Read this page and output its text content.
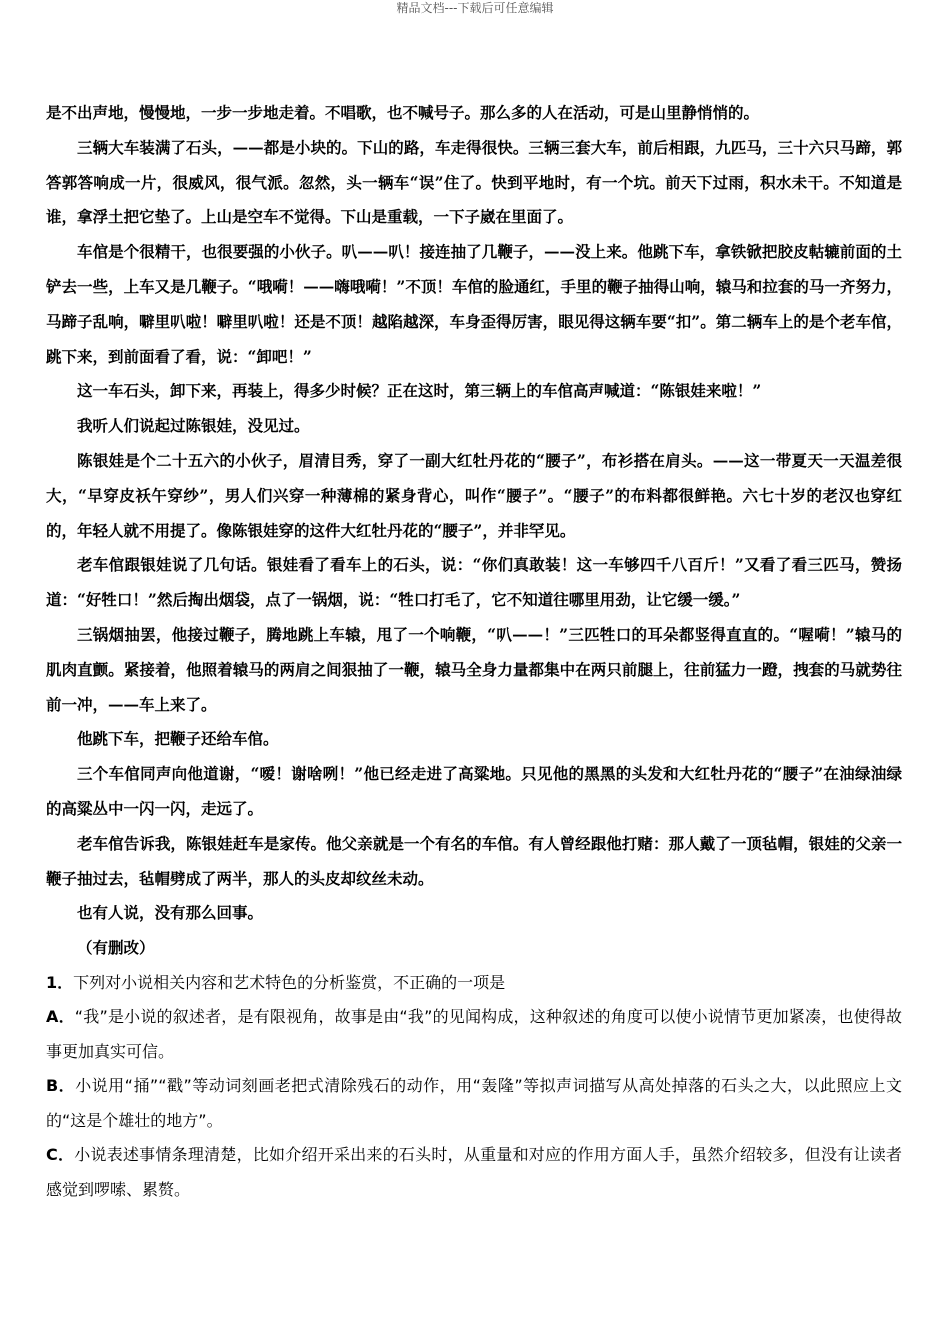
精品文档---下载后可任意编辑

是不出声地，慢慢地，一步一步地走着。不唱歌，也不喊号子。那么多的人在活动，可是山里静悄悄的。

三辆大车装满了石头，——都是小块的。下山的路，车走得很快。三辆三套大车，前后相跟，九匹马，三十六只马蹄，郭答郭答响成一片，很威风，很气派。忽然，头一辆车“误”住了。快到平地时，有一个坑。前天下过雨，积水未干。不知道是谁，拿浮土把它垫了。上山是空车不觉得。下山是重载，一下子崴在里面了。

车倌是个很精干，也很要强的小伙子。叭——叭！接连抽了几鞭子，——没上来。他跳下车，拿铁锨把胶皮軲辘前面的土铲去一些，上车又是几鞭子。“哦嗬！——嗨哦嗬！”不顶！车倌的脸通红，手里的鞭子抽得山响，辕马和拉套的马一齐努力，马蹄子乱响，噼里叭啦！噼里叭啦！还是不顶！越陷越深，车身歪得厉害，眼见得这辆车要“扣”。第二辆车上的是个老车倌，跳下来，到前面看了看，说：“卸吧！”

这一车石头，卸下来，再装上，得多少时候？正在这时，第三辆上的车倌高声喊道：“陈银娃来啦！”

我听人们说起过陈银娃，没见过。

陈银娃是个二十五六的小伙子，眉清目秀，穿了一副大红牡丹花的“腰子”，布衫搭在肩头。——这一带夏天一天温差很大，“早穿皮袄午穿纱”，男人们兴穿一种薄棉的紧身背心，叫作“腰子”。“腰子”的布料都很鲜艳。六七十岁的老汉也穿红的，年轻人就不用提了。像陈银娃穿的这件大红牡丹花的“腰子”，并非罕见。

老车倌跟银娃说了几句话。银娃看了看车上的石头，说：“你们真敢装！这一车够四千八百斤！”又看了看三匹马，赞扬道：“好牲口！”然后掏出烟袋，点了一锅烟，说：“牲口打毛了，它不知道往哪里用劲，让它缓一缓。”

三锅烟抽罢，他接过鞭子，腾地跳上车辕，甩了一个响鞭，“叭——！”三匹牲口的耳朵都竖得直直的。“喔嗬！”辕马的肌肉直颤。紧接着，他照着辕马的两肩之间狠抽了一鞭，辕马全身力量都集中在两只前腿上，往前猛力一蹬，拽套的马就势往前一冲，——车上来了。

他跳下车，把鞭子还给车倌。

三个车倌同声向他道谢，“嗳！谢啥咧！”他已经走进了高粱地。只见他的黑黑的头发和大红牡丹花的“腰子”在油绿油绿的高粱丛中一闪一闪，走远了。

老车倌告诉我，陈银娃赶车是家传。他父亲就是一个有名的车倌。有人曾经跟他打赌：那人戴了一顶毡帽，银娃的父亲一鞭子抽过去，毡帽劈成了两半，那人的头皮却纹丝未动。

也有人说，没有那么回事。

（有删改）

1．下列对小说相关内容和艺术特色的分析鉴赏，不正确的一项是

A．“我”是小说的叙述者，是有限视角，故事是由“我”的见闻构成，这种叙述的角度可以使小说情节更加紧凑，也使得故事更加真实可信。

B．小说用“捅”“戳”等动词刻画老把式清除残石的动作，用“轰隆”等拟声词描写从高处掉落的石头之大，以此照应上文的“这是个雄壮的地方”。

C．小说表述事情条理清楚，比如介绍开采出来的石头时，从重量和对应的作用方面人手，虽然介绍较多，但没有让读者感觉到啰嗦、累赘。
